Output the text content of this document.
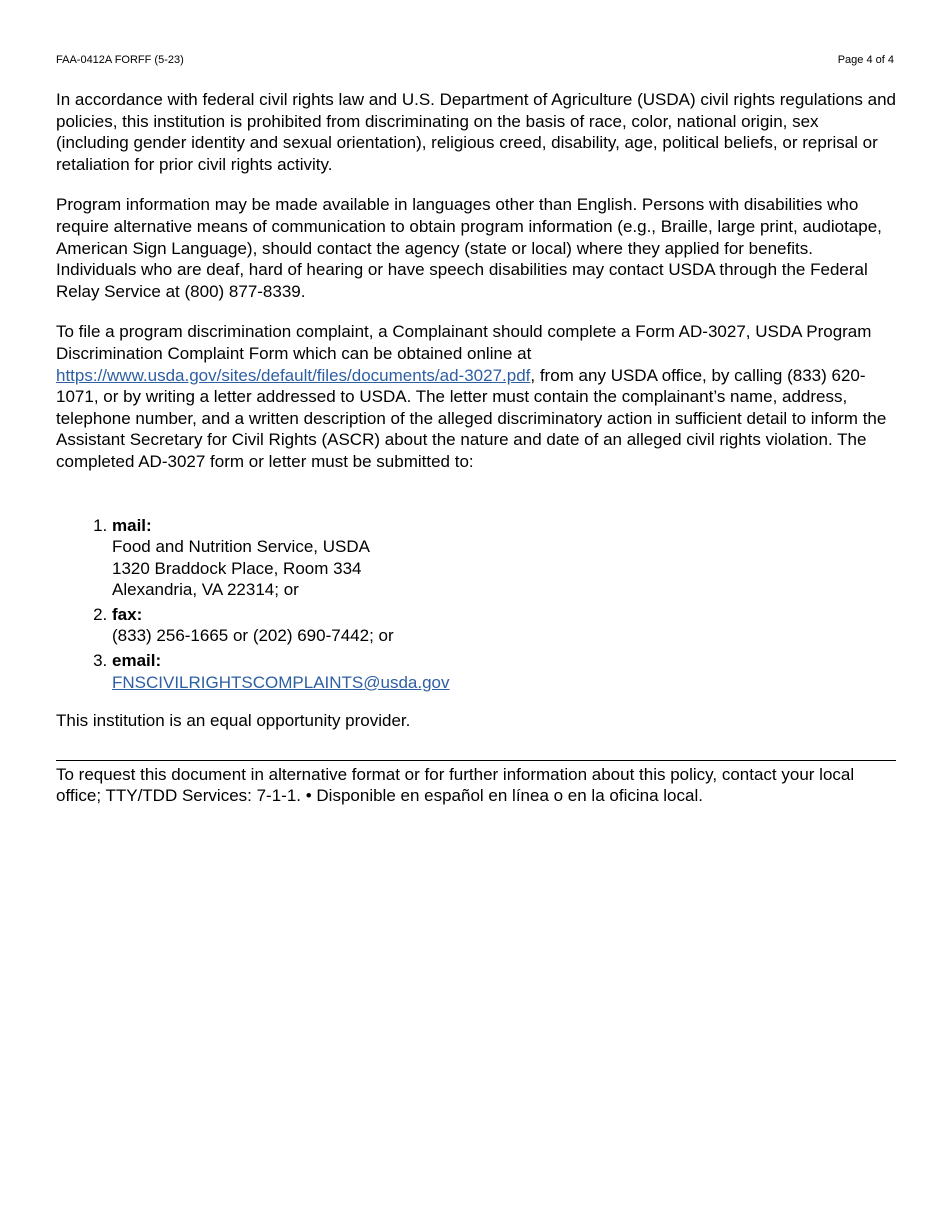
FAA-0412A FORFF (5-23)	Page 4 of 4

In accordance with federal civil rights law and U.S. Department of Agriculture (USDA) civil rights regulations and policies, this institution is prohibited from discriminating on the basis of race, color, national origin, sex (including gender identity and sexual orientation), religious creed, disability, age, political beliefs, or reprisal or retaliation for prior civil rights activity.

Program information may be made available in languages other than English. Persons with disabilities who require alternative means of communication to obtain program information (e.g., Braille, large print, audiotape, American Sign Language), should contact the agency (state or local) where they applied for benefits. Individuals who are deaf, hard of hearing or have speech disabilities may contact USDA through the Federal Relay Service at (800) 877-8339.

To file a program discrimination complaint, a Complainant should complete a Form AD-3027, USDA Program Discrimination Complaint Form which can be obtained online at https://www.usda.gov/sites/default/files/documents/ad-3027.pdf, from any USDA office, by calling (833) 620-1071, or by writing a letter addressed to USDA. The letter must contain the complainant’s name, address, telephone number, and a written description of the alleged discriminatory action in sufficient detail to inform the Assistant Secretary for Civil Rights (ASCR) about the nature and date of an alleged civil rights violation. The completed AD-3027 form or letter must be submitted to:

1. mail:
Food and Nutrition Service, USDA
1320 Braddock Place, Room 334
Alexandria, VA 22314; or
2. fax:
(833) 256-1665 or (202) 690-7442; or
3. email:
FNSCIVILRIGHTSCOMPLAINTS@usda.gov
This institution is an equal opportunity provider.
To request this document in alternative format or for further information about this policy, contact your local office; TTY/TDD Services: 7-1-1. • Disponible en español en línea o en la oficina local.
